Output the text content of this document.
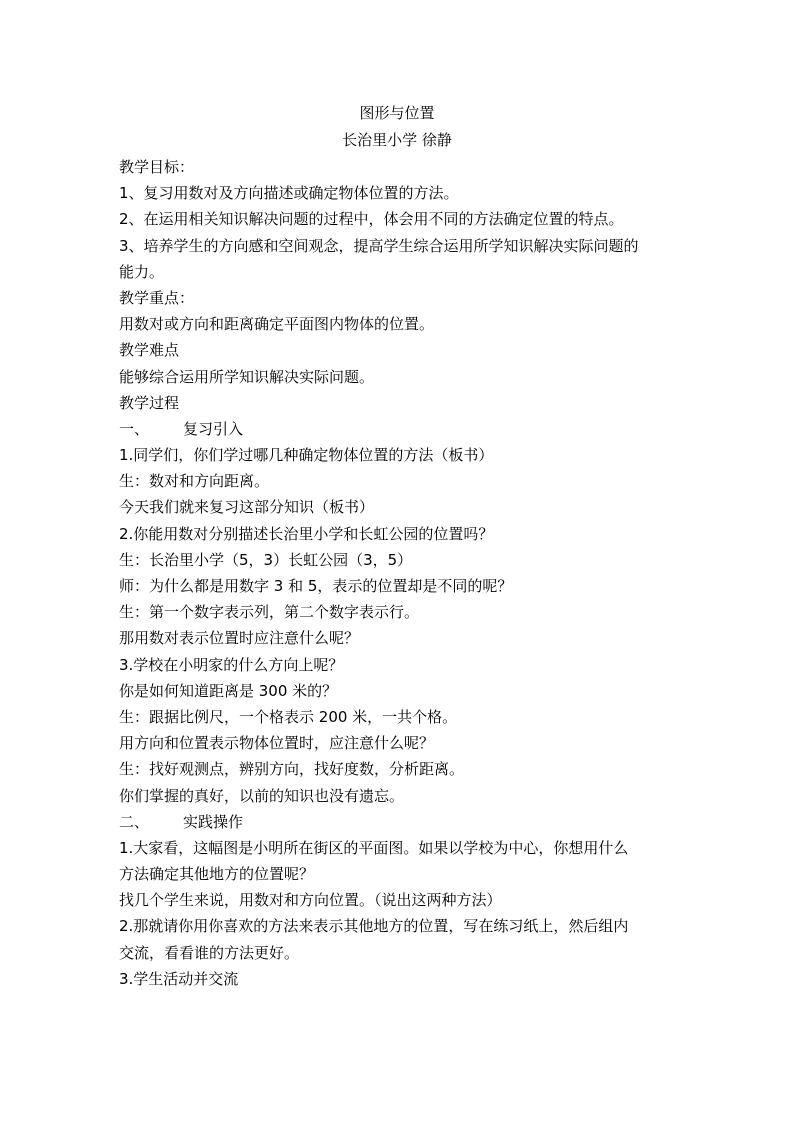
图形与位置
长治里小学 徐静
教学目标：
1、复习用数对及方向描述或确定物体位置的方法。
2、在运用相关知识解决问题的过程中，体会用不同的方法确定位置的特点。
3、培养学生的方向感和空间观念，提高学生综合运用所学知识解决实际问题的
能力。
教学重点：
用数对或方向和距离确定平面图内物体的位置。
教学难点
能够综合运用所学知识解决实际问题。
教学过程
一、 复习引入
1.同学们，你们学过哪几种确定物体位置的方法（板书）
生：数对和方向距离。
今天我们就来复习这部分知识（板书）
2.你能用数对分别描述长治里小学和长虹公园的位置吗？
生：长治里小学（5，3）长虹公园（3，5）
师：为什么都是用数字 3 和 5，表示的位置却是不同的呢？
生：第一个数字表示列，第二个数字表示行。
那用数对表示位置时应注意什么呢？
3.学校在小明家的什么方向上呢？
你是如何知道距离是 300 米的？
生：跟据比例尺，一个格表示 200 米，一共个格。
用方向和位置表示物体位置时，应注意什么呢？
生：找好观测点，辨别方向，找好度数，分析距离。
你们掌握的真好，以前的知识也没有遗忘。
二、 实践操作
1.大家看，这幅图是小明所在街区的平面图。如果以学校为中心，你想用什么
方法确定其他地方的位置呢？
找几个学生来说，用数对和方向位置。（说出这两种方法）
2.那就请你用你喜欢的方法来表示其他地方的位置，写在练习纸上，然后组内
交流，看看谁的方法更好。
3.学生活动并交流
